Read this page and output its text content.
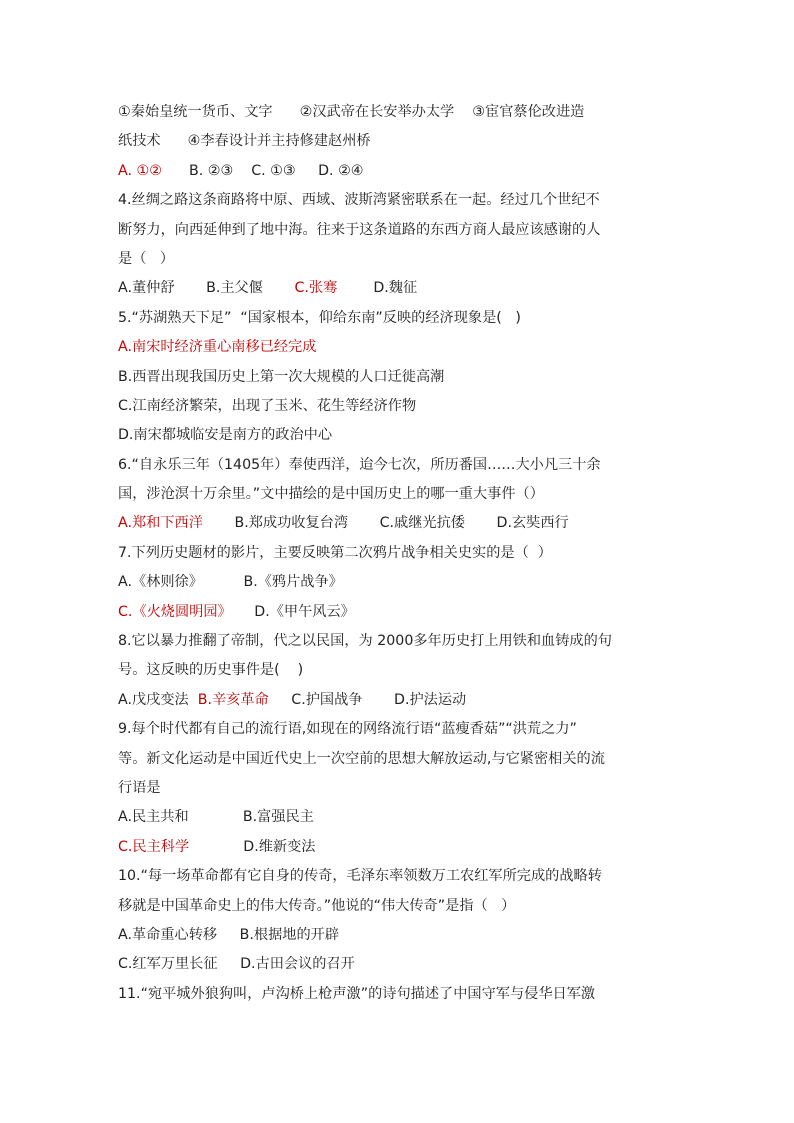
①秦始皇统一货币、文字      ②汉武帝在长安举办太学    ③宦官蔡伦改进造
纸技术      ④李春设计并主持修建赵州桥
A. ①②      B. ②③    C. ①③     D. ②④
4.丝绸之路这条商路将中原、西域、波斯湾紧密联系在一起。经过几个世纪不
断努力，向西延伸到了地中海。往来于这条道路的东西方商人最应该感谢的人
是（   ）
A.董仲舒       B.主父偃       C.张骞        D.魏征
5.“苏湖熟天下足”  “国家根本，仰给东南”反映的经济现象是(   )
A.南宋时经济重心南移已经完成
B.西晋出现我国历史上第一次大规模的人口迁徙高潮
C.江南经济繁荣，出现了玉米、花生等经济作物
D.南宋都城临安是南方的政治中心
6.“自永乐三年（1405年）奉使西洋，迨今七次，所历番国……大小凡三十余
国，涉沧溟十万余里。”文中描绘的是中国历史上的哪一重大事件（）
A.郑和下西洋       B.郑成功收复台湾       C.戚继光抗倭       D.玄奘西行
7.下列历史题材的影片，主要反映第二次鸦片战争相关史实的是（  ）
A.《林则徐》         B.《鸦片战争》
C.《火烧圆明园》     D.《甲午风云》
8.它以暴力推翻了帝制，代之以民国，为 2000多年历史打上用铁和血铸成的句
号。这反映的历史事件是(    )
A.戊戌变法  B.辛亥革命     C.护国战争       D.护法运动
9.每个时代都有自己的流行语,如现在的网络流行语“蓝瘦香菇”“洪荒之力”
等。新文化运动是中国近代史上一次空前的思想大解放运动,与它紧密相关的流
行语是
A.民主共和            B.富强民主
C.民主科学            D.维新变法
10.“每一场革命都有它自身的传奇，毛泽东率领数万工农红军所完成的战略转
移就是中国革命史上的伟大传奇。”他说的“伟大传奇”是指（   ）
A.革命重心转移     B.根据地的开辟
C.红军万里长征     D.古田会议的召开
11.“宛平城外狼狗叫，卢沟桥上枪声激”的诗句描述了中国守军与侵华日军激
